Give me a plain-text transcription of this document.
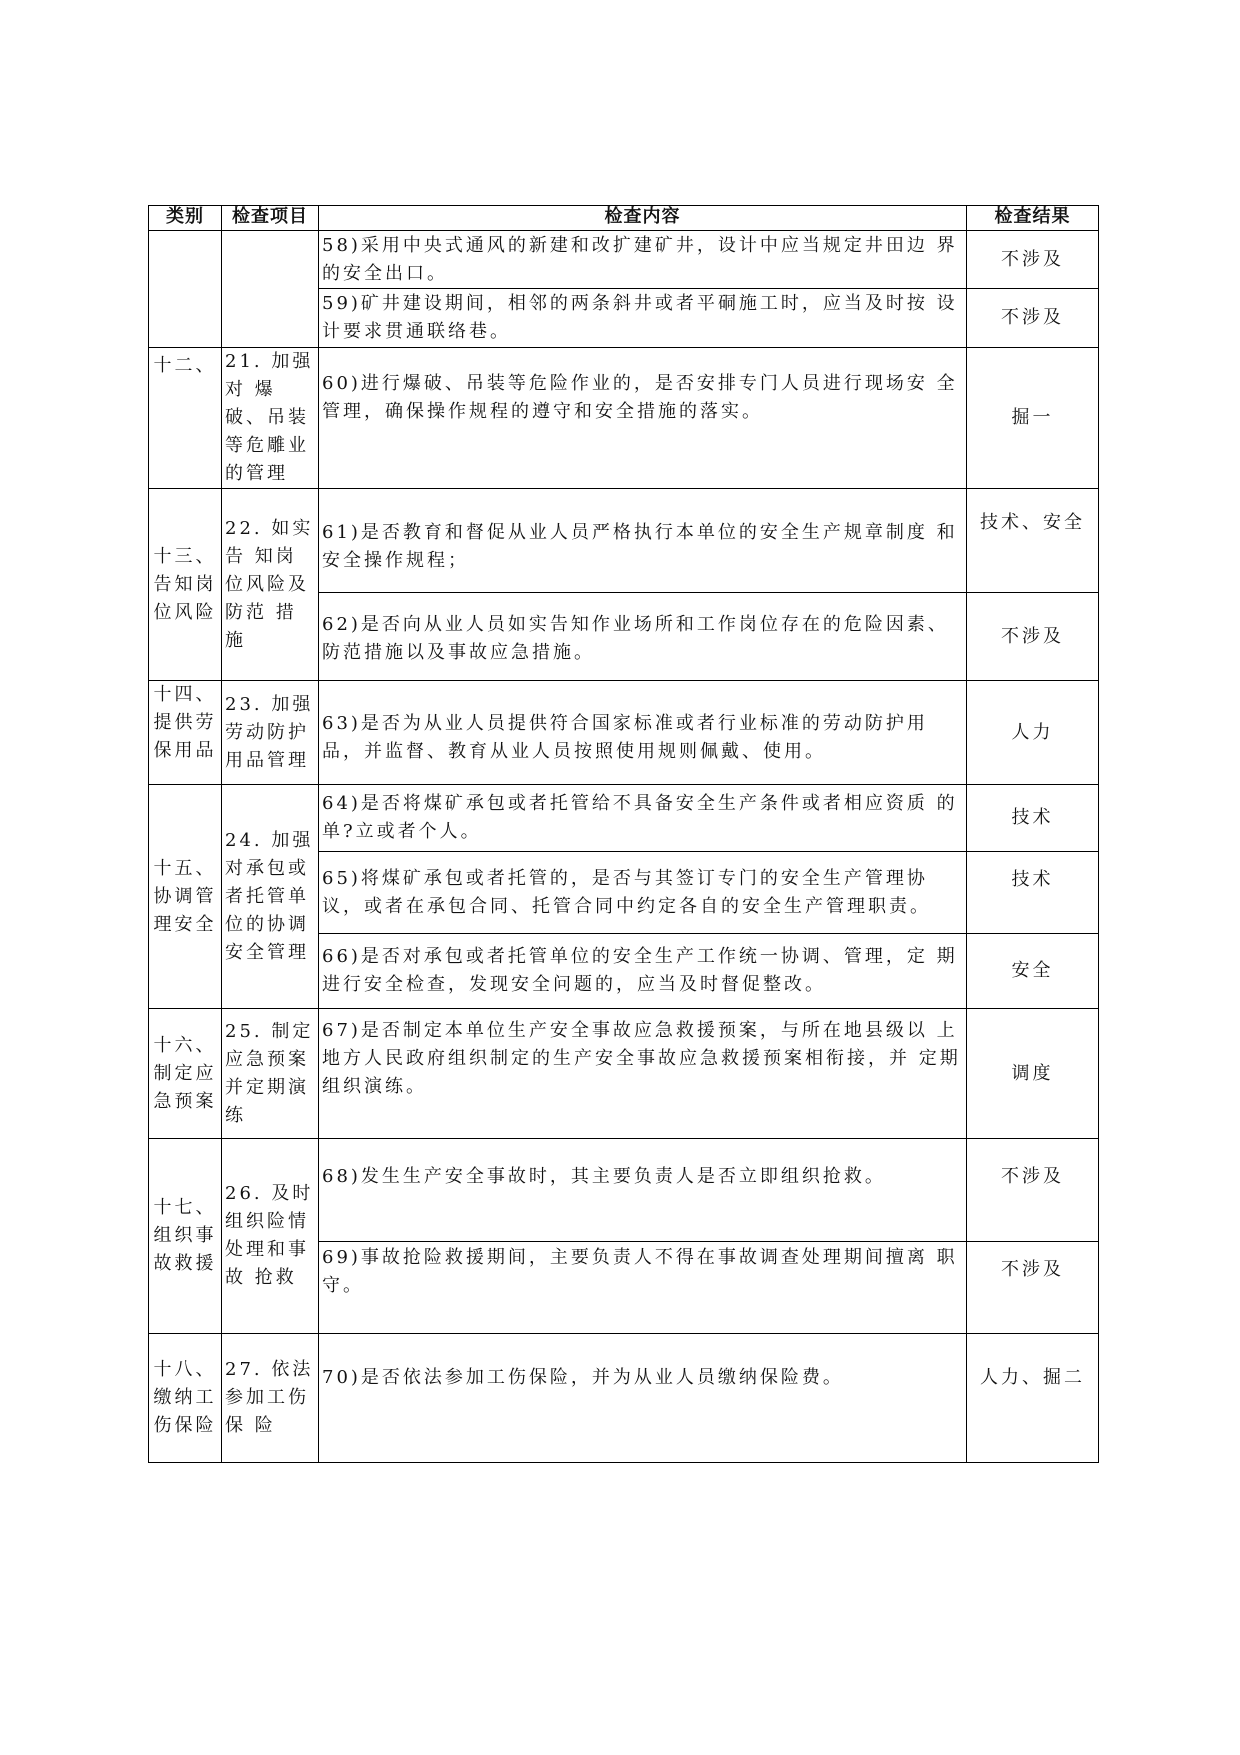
类别	检查项目	检查内容	检查结果

		58)采用中央式通风的新建和改扩建矿井，设计中应当规定井田边 界的安全出口。	不涉及

		59)矿井建设期间，相邻的两条斜井或者平硐施工时，应当及时按 设计要求贯通联络巷。	不涉及
十二、	21. 加强对 爆破、吊装等危雕业的管理	60)进行爆破、吊装等危险作业的，是否安排专门人员进行现场安 全管理，确保操作规程的遵守和安全措施的落实。	掘一
十三、告知岗位风险	22. 如实告 知岗位风险及防范 措施	61)是否教育和督促从业人员严格执行本单位的安全生产规章制度 和安全操作规程；	技术、安全

		62)是否向从业人员如实告知作业场所和工作岗位存在的危险因素、防范措施以及事故应急措施。	不涉及
十四、提供劳保用品	23. 加强劳动防护用品管理	63)是否为从业人员提供符合国家标准或者行业标准的劳动防护用 品，并监督、教育从业人员按照使用规则佩戴、使用。	人力
十五、协调管理安全	24. 加强对承包或者托管单位的协调安全管理	64)是否将煤矿承包或者托管给不具备安全生产条件或者相应资质 的单?立或者个人。	技术

		65)将煤矿承包或者托管的，是否与其签订专门的安全生产管理协议，或者在承包合同、托管合同中约定各自的安全生产管理职责。	技术

		66)是否对承包或者托管单位的安全生产工作统一协调、管理，定 期进行安全检查，发现安全问题的，应当及时督促整改。	安全
十六、制定应急预案	25. 制定应急预案并定期演练	67)是否制定本单位生产安全事故应急救援预案，与所在地县级以 上地方人民政府组织制定的生产安全事故应急救援预案相衔接，并 定期组织演练。	调度
十七、组织事故救援	26. 及时组织险情处理和事故 抢救	68)发生生产安全事故时，其主要负责人是否立即组织抢救。	不涉及

		69)事故抢险救援期间，主要负责人不得在事故调查处理期间擅离 职守。	不涉及
十八、缴纳工伤保险	27. 依法参加工伤保 险	70)是否依法参加工伤保险，并为从业人员缴纳保险费。	人力、掘二
